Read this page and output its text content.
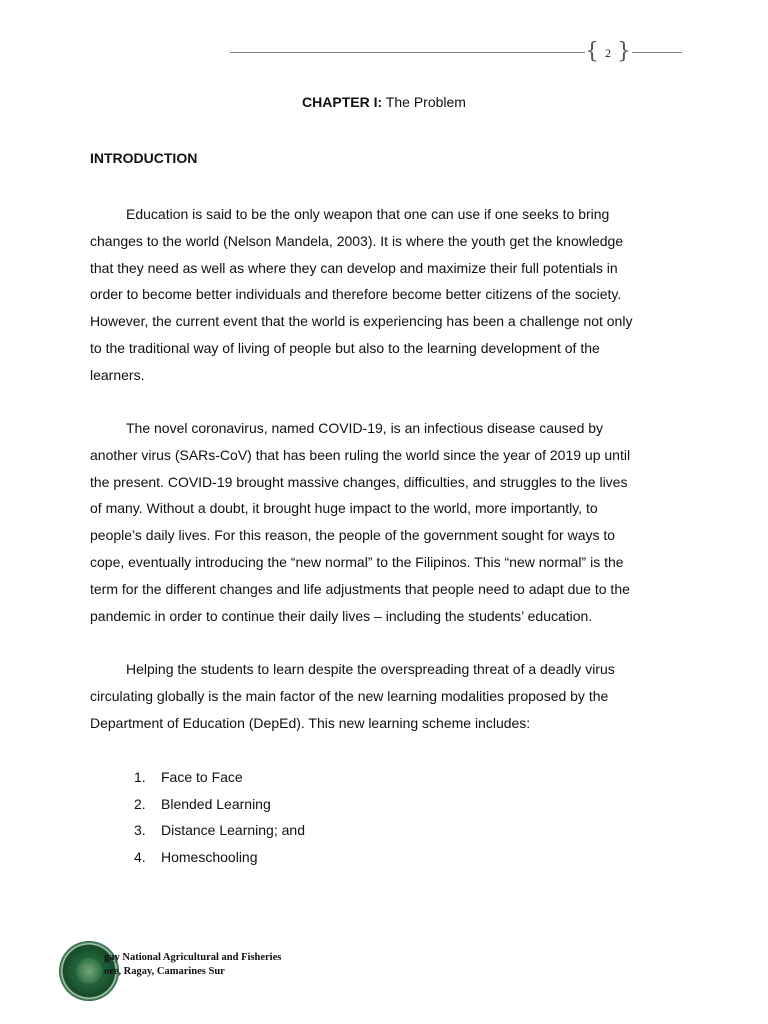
{ 2 }
CHAPTER I: The Problem
INTRODUCTION
Education is said to be the only weapon that one can use if one seeks to bring
changes to the world (Nelson Mandela, 2003). It is where the youth get the knowledge
that they need as well as where they can develop and maximize their full potentials in
order to become better individuals and therefore become better citizens of the society.
However, the current event that the world is experiencing has been a challenge not only
to the traditional way of living of people but also to the learning development of the
learners.
The novel coronavirus, named COVID-19, is an infectious disease caused by
another virus (SARs-CoV) that has been ruling the world since the year of 2019 up until
the present. COVID-19 brought massive changes, difficulties, and struggles to the lives
of many. Without a doubt, it brought huge impact to the world, more importantly, to
people’s daily lives. For this reason, the people of the government sought for ways to
cope, eventually introducing the “new normal” to the Filipinos. This “new normal” is the
term for the different changes and life adjustments that people need to adapt due to the
pandemic in order to continue their daily lives – including the students’ education.
Helping the students to learn despite the overspreading threat of a deadly virus
circulating globally is the main factor of the new learning modalities proposed by the
Department of Education (DepEd). This new learning scheme includes:
1. Face to Face
2. Blended Learning
3. Distance Learning; and
4. Homeschooling
gay National Agricultural and Fisheries
ore, Ragay, Camarines Sur
